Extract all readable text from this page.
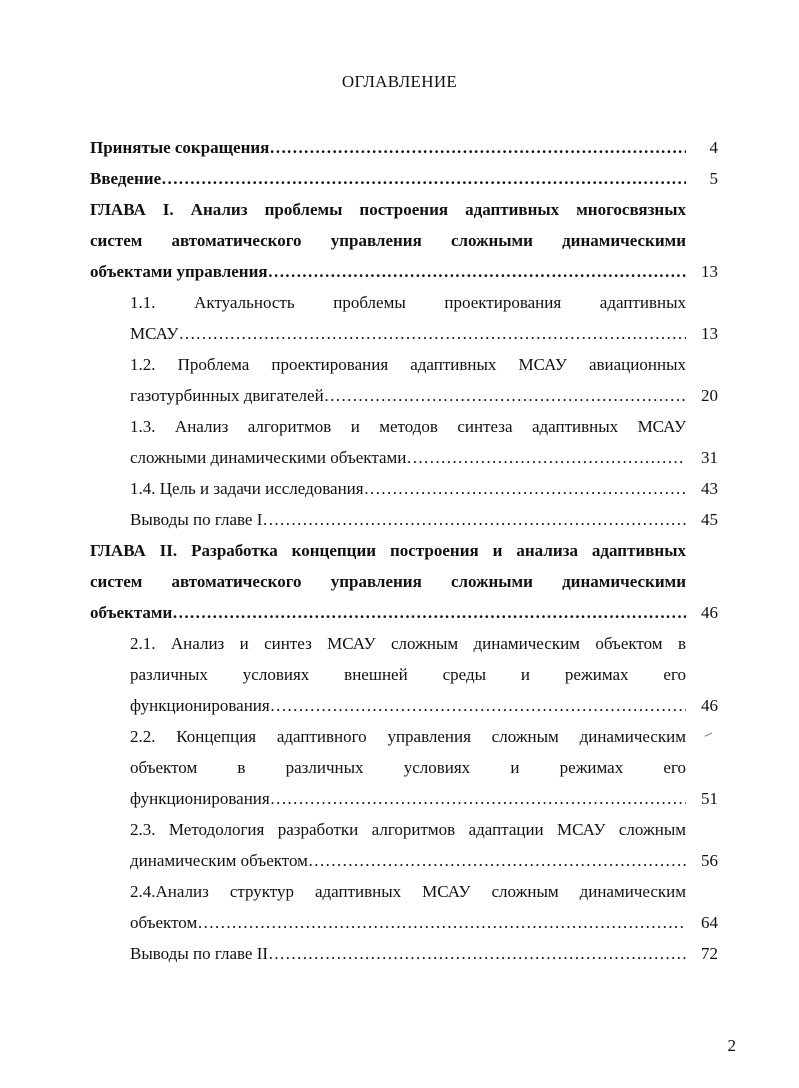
ОГЛАВЛЕНИЕ
Принятые сокращения ……………………………………………………………………………………………………………………………………………………………………………	4
Введение ……………………………………………………………………………………………………………………………………………………………………………	5
ГЛАВА I. Анализ проблемы построения адаптивных многосвязных
систем автоматического управления сложными динамическими
объектами управления ……………………………………………………………………………………………………………………………………………………………………………	13
1.1. Актуальность проблемы проектирования адаптивных
МСАУ ……………………………………………………………………………………………………………………………………………………………………………	13
1.2. Проблема проектирования адаптивных МСАУ авиационных
газотурбинных двигателей ……………………………………………………………………………………………………………………………………………………………………………	20
1.3. Анализ алгоритмов и методов синтеза адаптивных МСАУ
сложными динамическими объектами ……………………………………………………………………………………………………………………………………………………………………………	31
1.4. Цель и задачи исследования ……………………………………………………………………………………………………………………………………………………………………………	43
Выводы по главе I ……………………………………………………………………………………………………………………………………………………………………………	45
ГЛАВА II. Разработка концепции построения и анализа адаптивных
систем автоматического управления сложными динамическими
объектами ……………………………………………………………………………………………………………………………………………………………………………	46
2.1. Анализ и синтез МСАУ сложным динамическим объектом в
различных условиях внешней среды и режимах его
функционирования ……………………………………………………………………………………………………………………………………………………………………………	46
2.2. Концепция адаптивного управления сложным динамическим
объектом в различных условиях и режимах его
функционирования ……………………………………………………………………………………………………………………………………………………………………………	51
2.3. Методология разработки алгоритмов адаптации МСАУ сложным
динамическим объектом ……………………………………………………………………………………………………………………………………………………………………………	56
2.4.Анализ структур адаптивных МСАУ сложным динамическим
объектом ……………………………………………………………………………………………………………………………………………………………………………	64
Выводы по главе II ……………………………………………………………………………………………………………………………………………………………………………	72
2
